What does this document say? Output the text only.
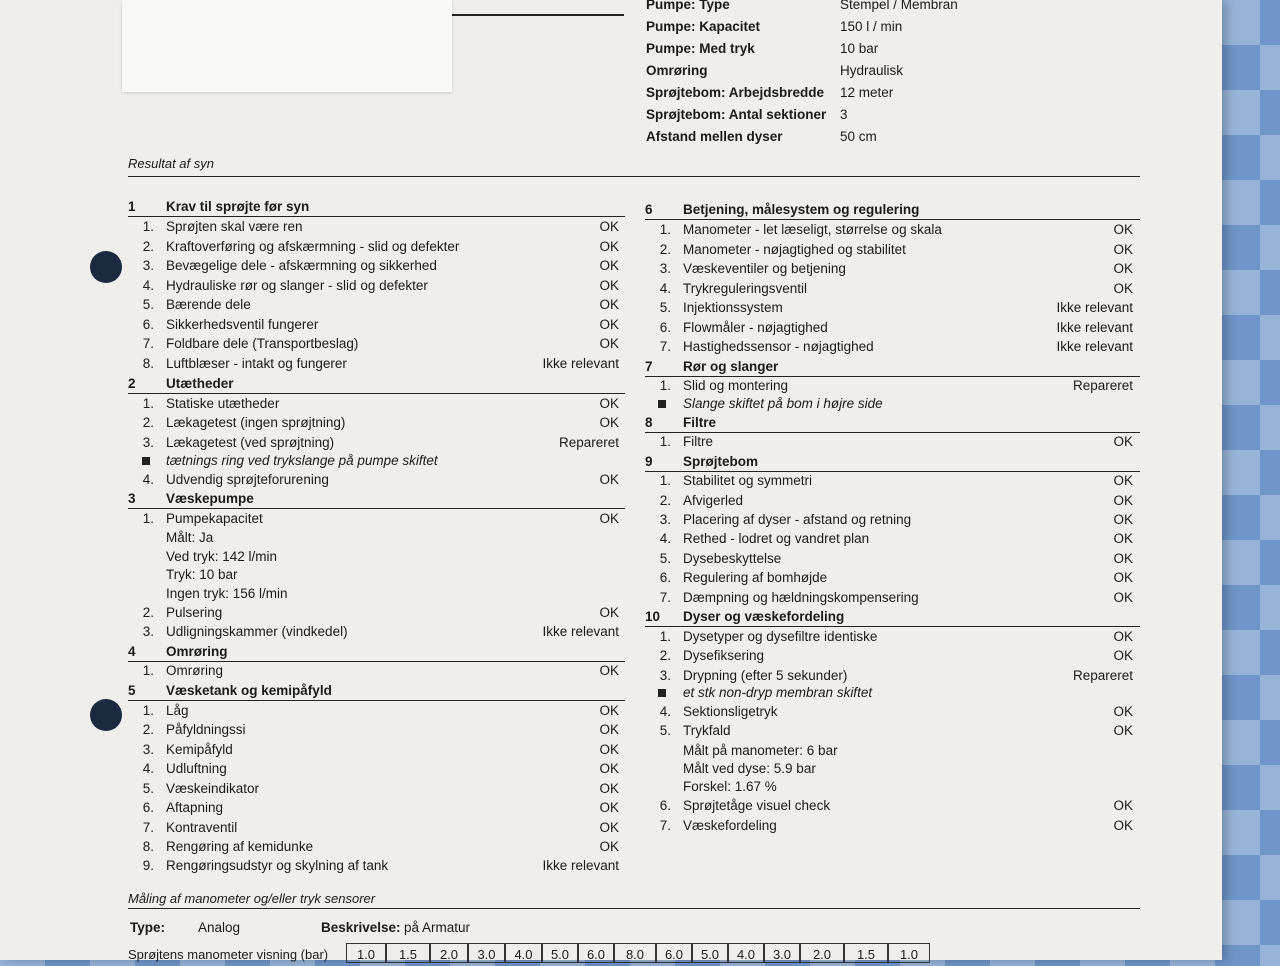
Pumpe: Type	Stempel / Membran
Pumpe: Kapacitet	150 l / min
Pumpe: Med tryk	10 bar
Omrøring	Hydraulisk
Sprøjtebom: Arbejdsbredde 12 meter
Sprøjtebom: Antal sektioner 3
Afstand mellen dyser	50 cm
Resultat af syn
1	Krav til sprøjte før syn
1. Sprøjten skal være ren	OK
2. Kraftoverføring og afskærmning - slid og defekter	OK
3. Bevægelige dele - afskærmning og sikkerhed	OK
4. Hydrauliske rør og slanger - slid og defekter	OK
5. Bærende dele	OK
6. Sikkerhedsventil fungerer	OK
7. Foldbare dele (Transportbeslag)	OK
8. Luftblæser - intakt og fungerer	Ikke relevant
2	Utætheder
1. Statiske utætheder	OK
2. Lækagetest (ingen sprøjtning)	OK
3. Lækagetest (ved sprøjtning)	Repareret
tætnings ring ved trykslange på pumpe skiftet
4. Udvendig sprøjteforurening	OK
3	Væskepumpe
1. Pumpekapacitet	OK
Målt: Ja
Ved tryk: 142 l/min
Tryk: 10 bar
Ingen tryk: 156 l/min
2. Pulsering	OK
3. Udligningskammer (vindkedel)	Ikke relevant
4	Omrøring
1. Omrøring	OK
5	Væsketank og kemipåfyld
1. Låg	OK
2. Påfyldningssi	OK
3. Kemipåfyld	OK
4. Udluftning	OK
5. Væskeindikator	OK
6. Aftapning	OK
7. Kontraventil	OK
8. Rengøring af kemidunke	OK
9. Rengøringsudstyr og skylning af tank	Ikke relevant
6	Betjening, målesystem og regulering
1. Manometer - let læseligt, størrelse og skala	OK
2. Manometer - nøjagtighed og stabilitet	OK
3. Væskeventiler og betjening	OK
4. Trykreguleringsventil	OK
5. Injektionssystem	Ikke relevant
6. Flowmåler - nøjagtighed	Ikke relevant
7. Hastighedssensor - nøjagtighed	Ikke relevant
7	Rør og slanger
1. Slid og montering	Repareret
Slange skiftet på bom i højre side
8	Filtre
1. Filtre	OK
9	Sprøjtebom
1. Stabilitet og symmetri	OK
2. Afvigerled	OK
3. Placering af dyser - afstand og retning	OK
4. Rethed - lodret og vandret plan	OK
5. Dysebeskyttelse	OK
6. Regulering af bomhøjde	OK
7. Dæmpning og hældningskompensering	OK
10	Dyser og væskefordeling
1. Dysetyper og dysefiltre identiske	OK
2. Dysefiksering	OK
3. Drypning (efter 5 sekunder)	Repareret
et stk non-dryp membran skiftet
4. Sektionsligetryk	OK
5. Trykfald	OK
Målt på manometer: 6 bar
Målt ved dyse: 5.9 bar
Forskel: 1.67 %
6. Sprøjtetåge visuel check	OK
7. Væskefordeling	OK
Måling af manometer og/eller tryk sensorer
Type: Analog	Beskrivelse: på Armatur
Sprøjtens manometer visning (bar)	1.0	1.5	2.0	3.0	4.0	5.0	6.0	8.0	6.0	5.0	4.0	3.0	2.0	1.5	1.0
